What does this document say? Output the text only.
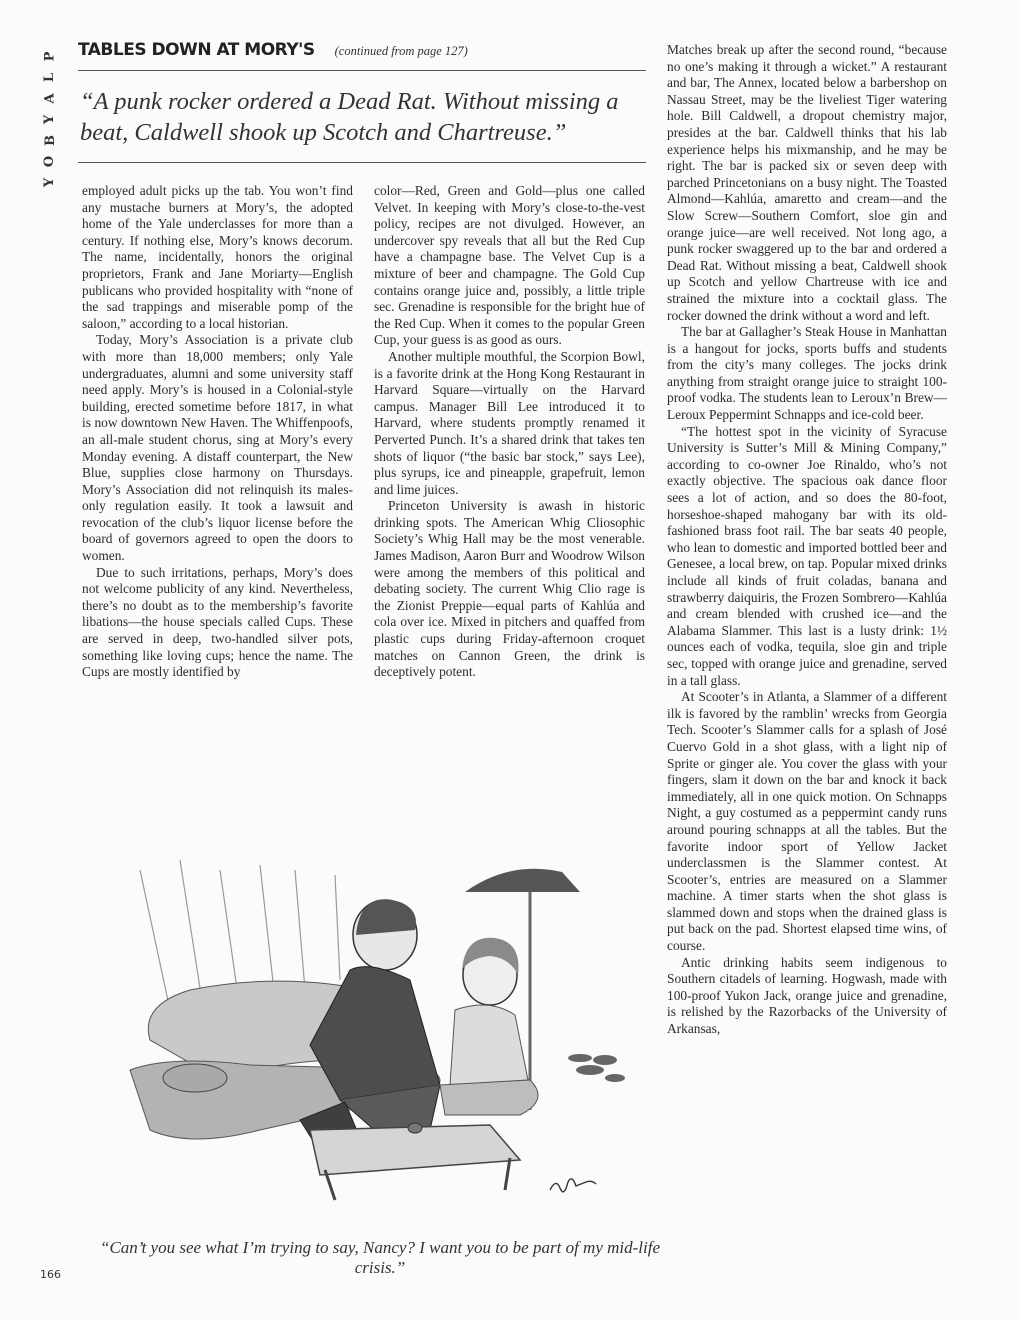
P
L
A
Y
B
O
Y
TABLES DOWN AT MORY'S (continued from page 127)
“A punk rocker ordered a Dead Rat. Without missing a beat, Caldwell shook up Scotch and Chartreuse.”

employed adult picks up the tab. You won’t find any mustache burners at Mory’s, the adopted home of the Yale underclasses for more than a century. If nothing else, Mory’s knows decorum. The name, incidentally, honors the original proprietors, Frank and Jane Moriarty—English publicans who provided hospitality with “none of the sad trappings and miserable pomp of the saloon,” according to a local historian.

Today, Mory’s Association is a private club with more than 18,000 members; only Yale undergraduates, alumni and some university staff need apply. Mory’s is housed in a Colonial-style building, erected sometime before 1817, in what is now downtown New Haven. The Whiffenpoofs, an all-male student chorus, sing at Mory’s every Monday evening. A distaff counterpart, the New Blue, supplies close harmony on Thursdays. Mory’s Association did not relinquish its males-only regulation easily. It took a lawsuit and revocation of the club’s liquor license before the board of governors agreed to open the doors to women.

Due to such irritations, perhaps, Mory’s does not welcome publicity of any kind. Nevertheless, there’s no doubt as to the membership’s favorite libations—the house specials called Cups. These are served in deep, two-handled silver pots, something like loving cups; hence the name. The Cups are mostly identified by

color—Red, Green and Gold—plus one called Velvet. In keeping with Mory’s close-to-the-vest policy, recipes are not divulged. However, an undercover spy reveals that all but the Red Cup have a champagne base. The Velvet Cup is a mixture of beer and champagne. The Gold Cup contains orange juice and, possibly, a little triple sec. Grenadine is responsible for the bright hue of the Red Cup. When it comes to the popular Green Cup, your guess is as good as ours.

Another multiple mouthful, the Scorpion Bowl, is a favorite drink at the Hong Kong Restaurant in Harvard Square—virtually on the Harvard campus. Manager Bill Lee introduced it to Harvard, where students promptly renamed it Perverted Punch. It’s a shared drink that takes ten shots of liquor (“the basic bar stock,” says Lee), plus syrups, ice and pineapple, grapefruit, lemon and lime juices.

Princeton University is awash in historic drinking spots. The American Whig Cliosophic Society’s Whig Hall may be the most venerable. James Madison, Aaron Burr and Woodrow Wilson were among the members of this political and debating society. The current Whig Clio rage is the Zionist Preppie—equal parts of Kahlúa and cola over ice. Mixed in pitchers and quaffed from plastic cups during Friday-afternoon croquet matches on Cannon Green, the drink is deceptively potent.

Matches break up after the second round, “because no one’s making it through a wicket.” A restaurant and bar, The Annex, located below a barbershop on Nassau Street, may be the liveliest Tiger watering hole. Bill Caldwell, a dropout chemistry major, presides at the bar. Caldwell thinks that his lab experience helps his mixmanship, and he may be right. The bar is packed six or seven deep with parched Princetonians on a busy night. The Toasted Almond—Kahlúa, amaretto and cream—and the Slow Screw—Southern Comfort, sloe gin and orange juice—are well received. Not long ago, a punk rocker swaggered up to the bar and ordered a Dead Rat. Without missing a beat, Caldwell shook up Scotch and yellow Chartreuse with ice and strained the mixture into a cocktail glass. The rocker downed the drink without a word and left.

The bar at Gallagher’s Steak House in Manhattan is a hangout for jocks, sports buffs and students from the city’s many colleges. The jocks drink anything from straight orange juice to straight 100-proof vodka. The students lean to Leroux’n Brew—Leroux Peppermint Schnapps and ice-cold beer.

“The hottest spot in the vicinity of Syracuse University is Sutter’s Mill & Mining Company,” according to co-owner Joe Rinaldo, who’s not exactly objective. The spacious oak dance floor sees a lot of action, and so does the 80-foot, horseshoe-shaped mahogany bar with its old-fashioned brass foot rail. The bar seats 40 people, who lean to domestic and imported bottled beer and Genesee, a local brew, on tap. Popular mixed drinks include all kinds of fruit coladas, banana and strawberry daiquiris, the Frozen Sombrero—Kahlúa and cream blended with crushed ice—and the Alabama Slammer. This last is a lusty drink: 1½ ounces each of vodka, tequila, sloe gin and triple sec, topped with orange juice and grenadine, served in a tall glass.

At Scooter’s in Atlanta, a Slammer of a different ilk is favored by the ramblin’ wrecks from Georgia Tech. Scooter’s Slammer calls for a splash of José Cuervo Gold in a shot glass, with a light nip of Sprite or ginger ale. You cover the glass with your fingers, slam it down on the bar and knock it back immediately, all in one quick motion. On Schnapps Night, a guy costumed as a peppermint candy runs around pouring schnapps at all the tables. But the favorite indoor sport of Yellow Jacket underclassmen is the Slammer contest. At Scooter’s, entries are measured on a Slammer machine. A timer starts when the shot glass is slammed down and stops when the drained glass is put back on the pad. Shortest elapsed time wins, of course.

Antic drinking habits seem indigenous to Southern citadels of learning. Hogwash, made with 100-proof Yukon Jack, orange juice and grenadine, is relished by the Razorbacks of the University of Arkansas,

“Can’t you see what I’m trying to say, Nancy? I want you to be part of my mid-life crisis.”
166
